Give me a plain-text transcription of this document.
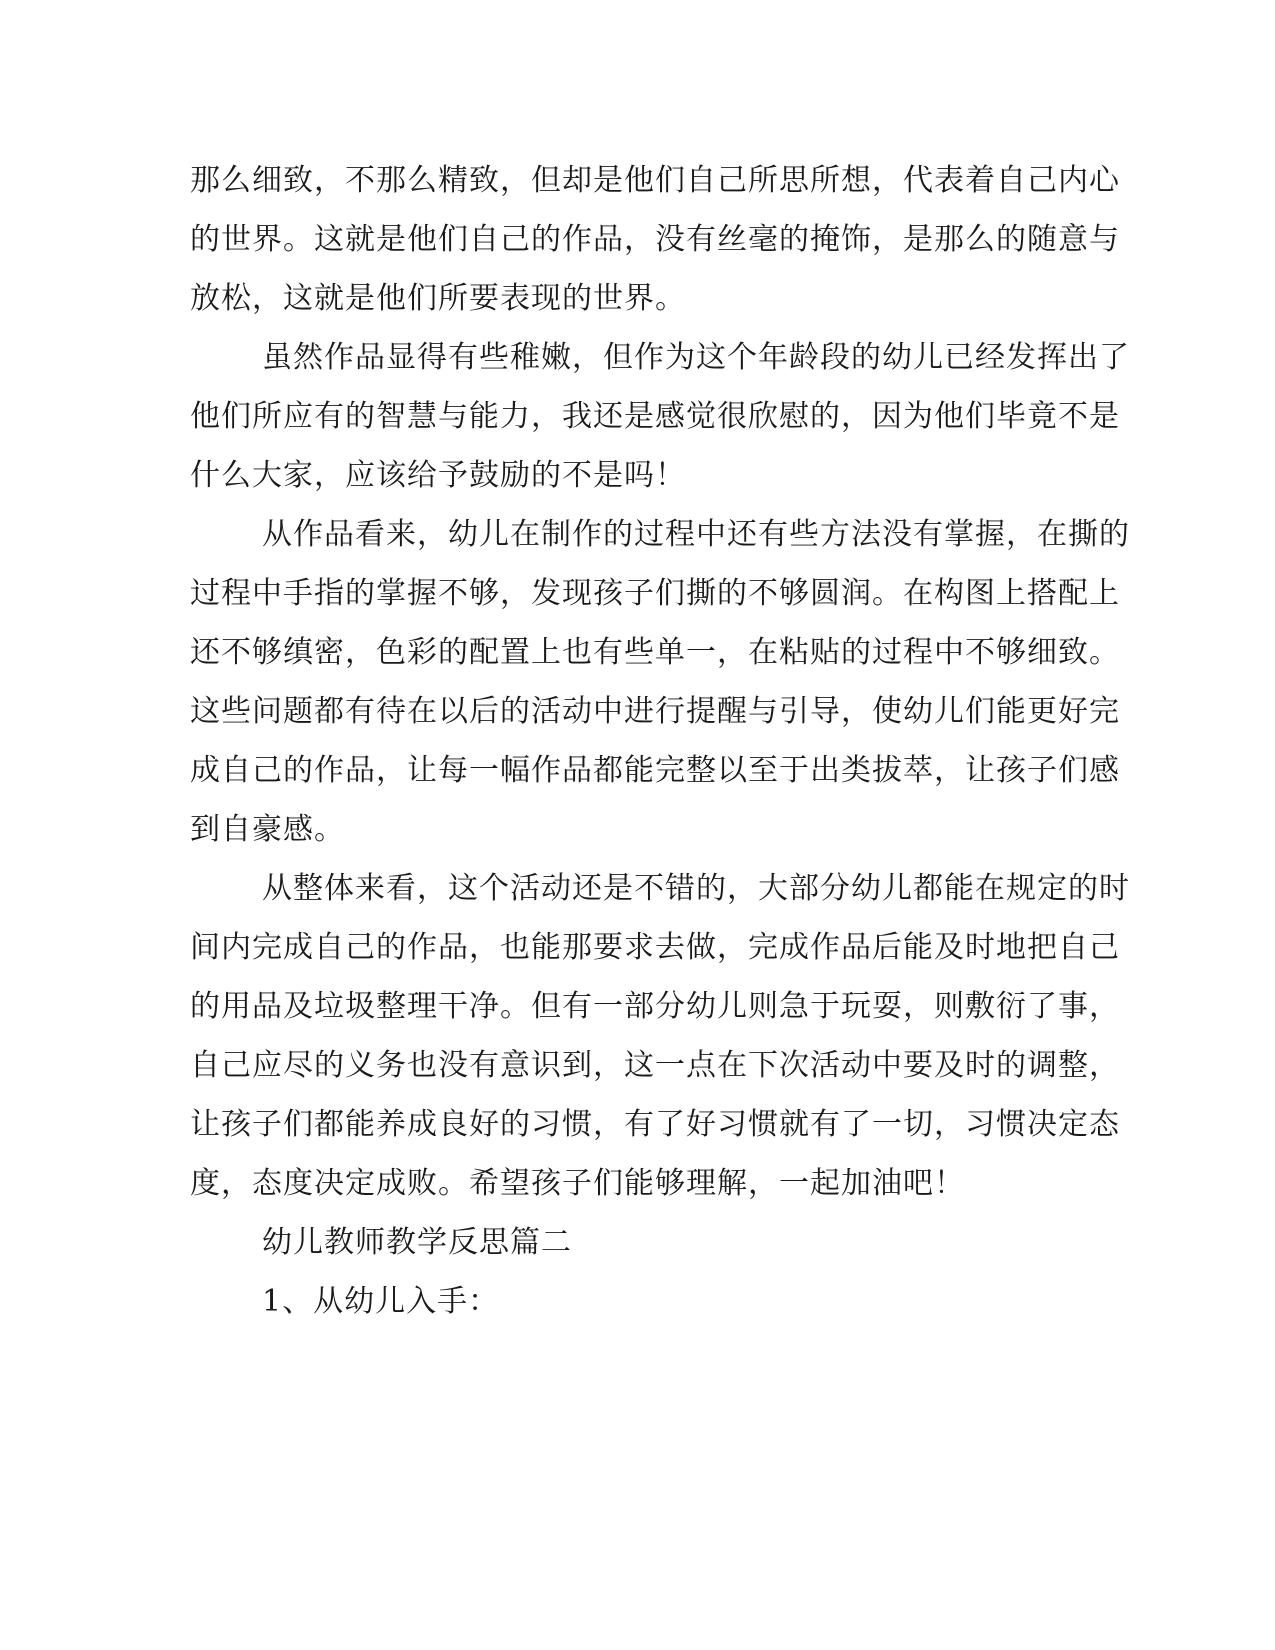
那么细致，不那么精致，但却是他们自己所思所想，代表着自己内心
的世界。这就是他们自己的作品，没有丝毫的掩饰，是那么的随意与
放松，这就是他们所要表现的世界。
虽然作品显得有些稚嫩，但作为这个年龄段的幼儿已经发挥出了
他们所应有的智慧与能力，我还是感觉很欣慰的，因为他们毕竟不是
什么大家，应该给予鼓励的不是吗！
从作品看来，幼儿在制作的过程中还有些方法没有掌握，在撕的
过程中手指的掌握不够，发现孩子们撕的不够圆润。在构图上搭配上
还不够缜密，色彩的配置上也有些单一，在粘贴的过程中不够细致。
这些问题都有待在以后的活动中进行提醒与引导，使幼儿们能更好完
成自己的作品，让每一幅作品都能完整以至于出类拔萃，让孩子们感
到自豪感。
从整体来看，这个活动还是不错的，大部分幼儿都能在规定的时
间内完成自己的作品，也能那要求去做，完成作品后能及时地把自己
的用品及垃圾整理干净。但有一部分幼儿则急于玩耍，则敷衍了事，
自己应尽的义务也没有意识到，这一点在下次活动中要及时的调整，
让孩子们都能养成良好的习惯，有了好习惯就有了一切，习惯决定态
度，态度决定成败。希望孩子们能够理解，一起加油吧！
幼儿教师教学反思篇二
1、从幼儿入手：
